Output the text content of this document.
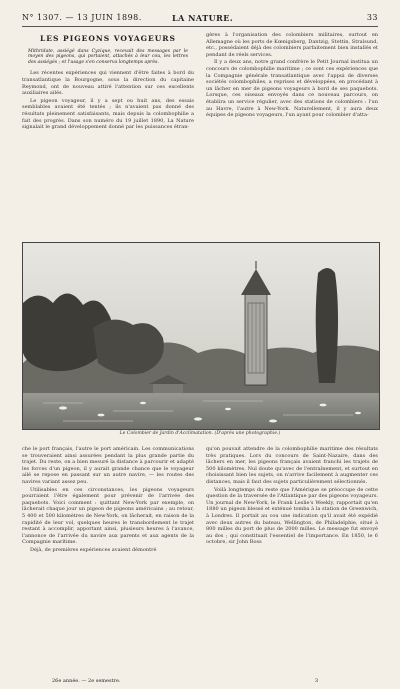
N° 1307. — 13 JUIN 1898.	LA NATURE.	33
LES PIGEONS VOYAGEURS
Mithridate, assiégé dans Cyzique, recevait des messages par le moyen des pigeons, qui portaient, attachés à leur cou, les lettres des assiégés ; et l'usage s'en conserva longtemps après.

Les récentes expériences qui viennent d'être faites à bord du transatlantique la Bourgogne, sous la direction du capitaine Reymond, ont de nouveau attiré l'attention sur ces excellents auxiliaires ailés.

Le pigeon voyageur, il y a sept ou huit ans, des essais semblables avaient été tentés ; ils n'avaient pas donné des résultats pleinement satisfaisants, mais depuis la colombophilie a fait des progrès. Dans son numéro du 19 juillet 1890, La Nature signalait le grand développement donné par les puissances étran-

gères à l'organisation des colombiers militaires, surtout en Allemagne où les ports de Kœnigsberg, Dantzig, Stettin, Stralsund, etc., possédaient déjà des colombiers parfaitement bien installés et pendant de réels services.

Il y a deux ans, notre grand confrère le Petit Journal institua un concours de colombophilie maritime ; ce sont ces expériences que la Compagnie générale transatlantique avec l'appui de diverses sociétés colombophiles, a reprises et développées, en procédant à un lâcher en mer de pigeons voyageurs à bord de ses paquebots. Lorsque, ces oiseaux envoyés dans ce nouveau parcours, on établira un service régulier, avec des stations de colombiers : l'un au Havre, l'autre à New-York. Naturellement, il y aura deux équipes de pigeons voyageurs, l'un ayant pour colombier d'atta-

Le Colombier de Jardin d'Acclimatation. (D'après une photographie.)

che le port français, l'autre le port américain. Les communications se trouveraient ainsi assurées pendant la plus grande partie du trajet. Du reste, on a bien mesuré la distance à parcourir et adapté les forces d'un pigeon, il y aurait grande chance que le voyageur ailé se repose en passant sur un autre navire, — les routes des navires variant assez peu.

Utilisables en ces circonstances, les pigeons voyageurs pourraient l'être également pour prévenir de l'arrivée des paquebots. Voici comment : quittant New-York par exemple, on lâcherait chaque jour un pigeon de pigeons américains ; au retour, 5 400 et 500 kilomètres de New-York, on lâcherait, en raison de la rapidité de leur vol, quelques heures le transbordement le trajet restant à accomplir, apportant ainsi, plusieurs heures à l'avance, l'annonce de l'arrivée du navire aux parents et aux agents de la Compagnie maritime.

Déjà, de premières expériences avaient démontré

qu'on pouvait attendre de la colombophilie maritime des résultats très pratiques. Lors du concours de Saint-Nazaire, dans des lâchers en mer, les pigeons français avaient franchi les trajets de 500 kilomètres. Nul doute qu'avec de l'entraînement, et surtout en choisissant bien les sujets, on n'arrive facilement à augmenter ces distances, mais il faut des sujets particulièrement sélectionnés.

Voilà longtemps du reste que l'Amérique se préoccupe de cette question de la traversée de l'Atlantique par des pigeons voyageurs. Un journal de New-York, le Frank Leslie's Weekly, rapportait qu'en 1880 un pigeon blessé et exténué tomba à la station de Greenwich, à Londres. Il portait au cou une indication qu'il avait été expédié avec deux autres du bateau, Wellington, de Philadelphie, situé à 800 milles du port de plus de 2000 milles. Le message fut envoyé au dos ; qui constituait l'essentiel de l'importance. En 1850, le 6 octobre, sir John Ross

26e année. — 2e semestre.	3
